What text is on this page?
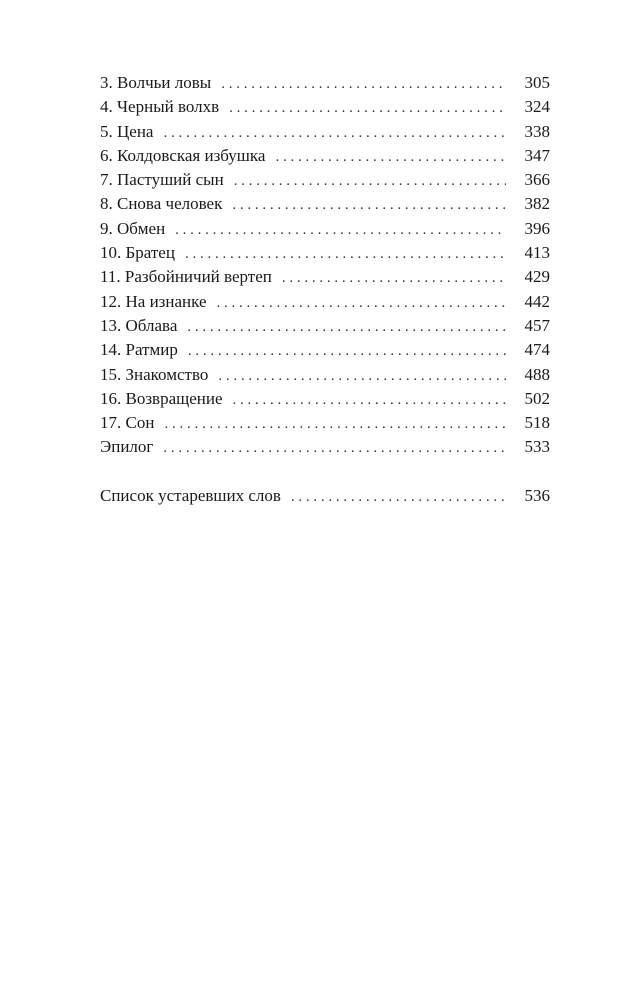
3. Волчьи ловы . . .	305
4. Черный волхв . . .	324
5. Цена . . .	338
6. Колдовская избушка . . .	347
7. Пастуший сын . . .	366
8. Снова человек . . .	382
9. Обмен . . .	396
10. Братец . . .	413
11. Разбойничий вертеп . . .	429
12. На изнанке . . .	442
13. Облава . . .	457
14. Ратмир . . .	474
15. Знакомство . . .	488
16. Возвращение . . .	502
17. Сон . . .	518
Эпилог . . .	533
Список устаревших слов . . .	536
